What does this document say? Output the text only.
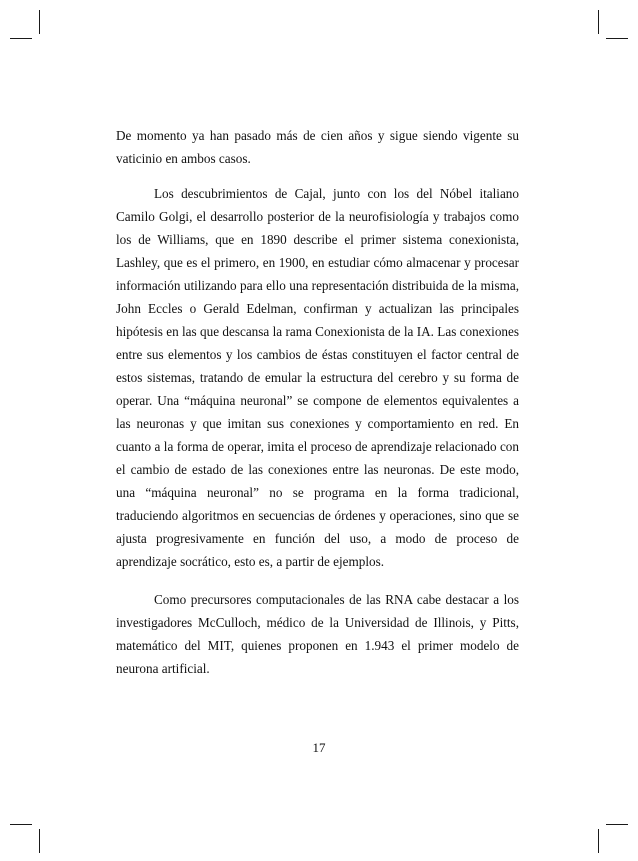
De momento ya han pasado más de cien años y sigue siendo vigente su vaticinio en ambos casos.

Los descubrimientos de Cajal, junto con los del Nóbel italiano Camilo Golgi, el desarrollo posterior de la neurofisiología y trabajos como los de Williams, que en 1890 describe el primer sistema conexionista, Lashley, que es el primero, en 1900, en estudiar cómo almacenar y procesar información utilizando para ello una representación distribuida de la misma, John Eccles o Gerald Edelman, confirman y actualizan las principales hipótesis en las que descansa la rama Conexionista de la IA. Las conexiones entre sus elementos y los cambios de éstas constituyen el factor central de estos sistemas, tratando de emular la estructura del cerebro y su forma de operar. Una “máquina neuronal” se compone de elementos equivalentes a las neuronas y que imitan sus conexiones y comportamiento en red. En cuanto a la forma de operar, imita el proceso de aprendizaje relacionado con el cambio de estado de las conexiones entre las neuronas. De este modo, una “máquina neuronal” no se programa en la forma tradicional, traduciendo algoritmos en secuencias de órdenes y operaciones, sino que se ajusta progresivamente en función del uso, a modo de proceso de aprendizaje socrático, esto es, a partir de ejemplos.

Como precursores computacionales de las RNA cabe destacar a los investigadores McCulloch, médico de la Universidad de Illinois, y Pitts, matemático del MIT, quienes proponen en 1.943 el primer modelo de neurona artificial.

17
